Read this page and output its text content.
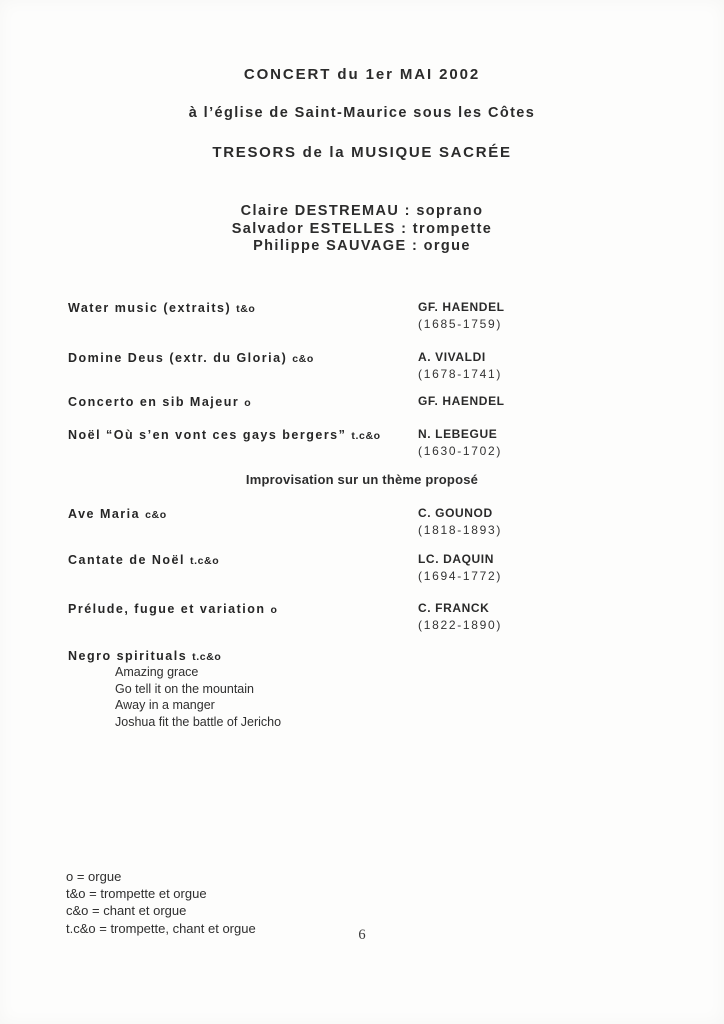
CONCERT du 1er MAI 2002
à l’église de Saint-Maurice sous les Côtes
TRESORS de la MUSIQUE SACRÉE
Claire DESTREMAU : soprano
Salvador ESTELLES : trompette
Philippe SAUVAGE : orgue
Water music (extraits) t&o	GF. HAENDEL
(1685-1759)
Domine Deus (extr. du Gloria) c&o	A. VIVALDI
(1678-1741)
Concerto en sib Majeur o	GF. HAENDEL
Noël “Où s’en vont ces gays bergers” t.c&o	N. LEBEGUE
(1630-1702)
Improvisation sur un thème proposé
Ave Maria c&o	C. GOUNOD
(1818-1893)
Cantate de Noël t.c&o	LC. DAQUIN
(1694-1772)
Prélude, fugue et variation o	C. FRANCK
(1822-1890)
Negro spirituals t.c&o
Amazing grace
Go tell it on the mountain
Away in a manger
Joshua fit the battle of Jericho
o = orgue
t&o = trompette et orgue
c&o = chant et orgue
t.c&o = trompette, chant et orgue	6
